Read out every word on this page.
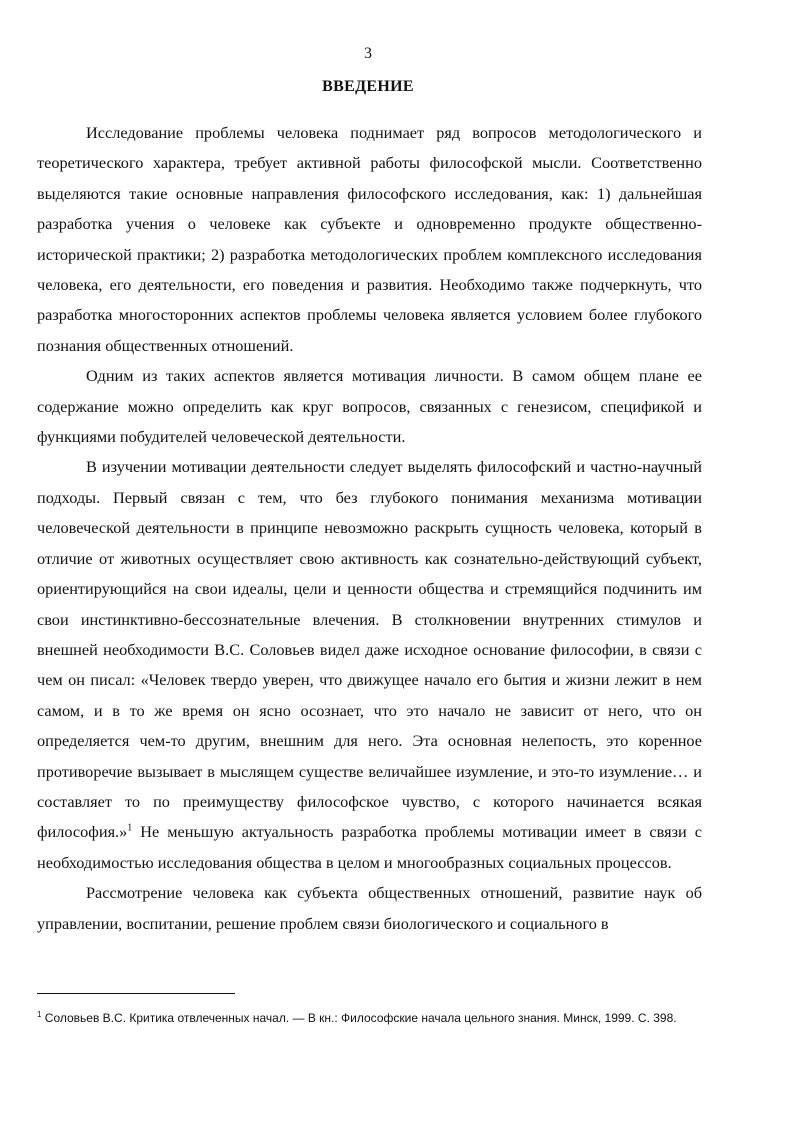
3
ВВЕДЕНИЕ

Исследование проблемы человека поднимает ряд вопросов методологического и теоретического характера, требует активной работы философской мысли. Соответственно выделяются такие основные направления философского исследования, как: 1) дальнейшая разработка учения о человеке как субъекте и одновременно продукте общественно-исторической практики; 2) разработка методологических проблем комплексного исследования человека, его деятельности, его поведения и развития. Необходимо также подчеркнуть, что разработка многосторонних аспектов проблемы человека является условием более глубокого познания общественных отношений.

Одним из таких аспектов является мотивация личности. В самом общем плане ее содержание можно определить как круг вопросов, связанных с генезисом, спецификой и функциями побудителей человеческой деятельности.

В изучении мотивации деятельности следует выделять философский и частно-научный подходы. Первый связан с тем, что без глубокого понимания механизма мотивации человеческой деятельности в принципе невозможно раскрыть сущность человека, который в отличие от животных осуществляет свою активность как сознательно-действующий субъект, ориентирующийся на свои идеалы, цели и ценности общества и стремящийся подчинить им свои инстинктивно-бессознательные влечения. В столкновении внутренних стимулов и внешней необходимости В.С. Соловьев видел даже исходное основание философии, в связи с чем он писал: «Человек твердо уверен, что движущее начало его бытия и жизни лежит в нем самом, и в то же время он ясно осознает, что это начало не зависит от него, что он определяется чем-то другим, внешним для него. Эта основная нелепость, это коренное противоречие вызывает в мыслящем существе величайшее изумление, и это-то изумление… и составляет то по преимуществу философское чувство, с которого начинается всякая философия.»$^1$ Не меньшую актуальность разработка проблемы мотивации имеет в связи с необходимостью исследования общества в целом и многообразных социальных процессов.

Рассмотрение человека как субъекта общественных отношений, развитие наук об управлении, воспитании, решение проблем связи биологического и социального в

$^1$ Соловьев В.С. Критика отвлеченных начал. — В кн.: Философские начала цельного знания. Минск, 1999. С. 398.
